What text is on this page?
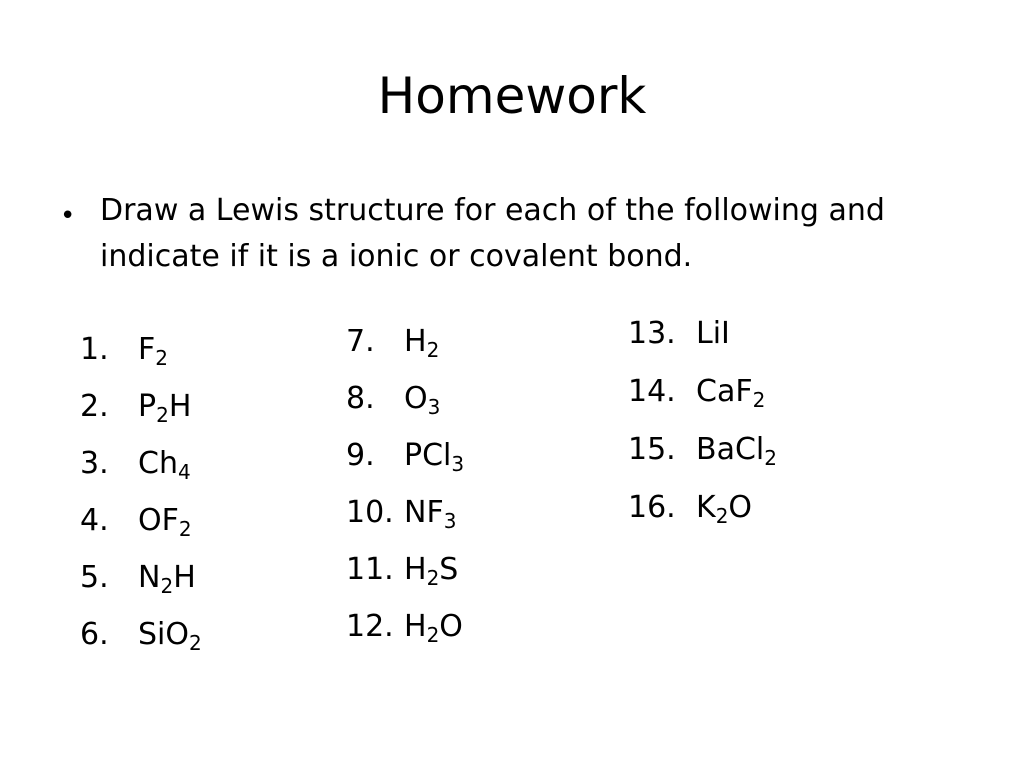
Homework
• Draw a Lewis structure for each of the following and indicate if it is a ionic or covalent bond.
1. $F_2$
2. $P_2H$
3. $Ch_4$
4. $OF_2$
5. $N_2H$
6. SiO$_2$
7. $H_2$
8. $O_3$
9. PCl$_3$
10. $NF_3$
11. $H_2S$
12. $H_2O$
13. LiI
14. CaF$_2$
15. BaCl$_2$
16. $K_2O$
